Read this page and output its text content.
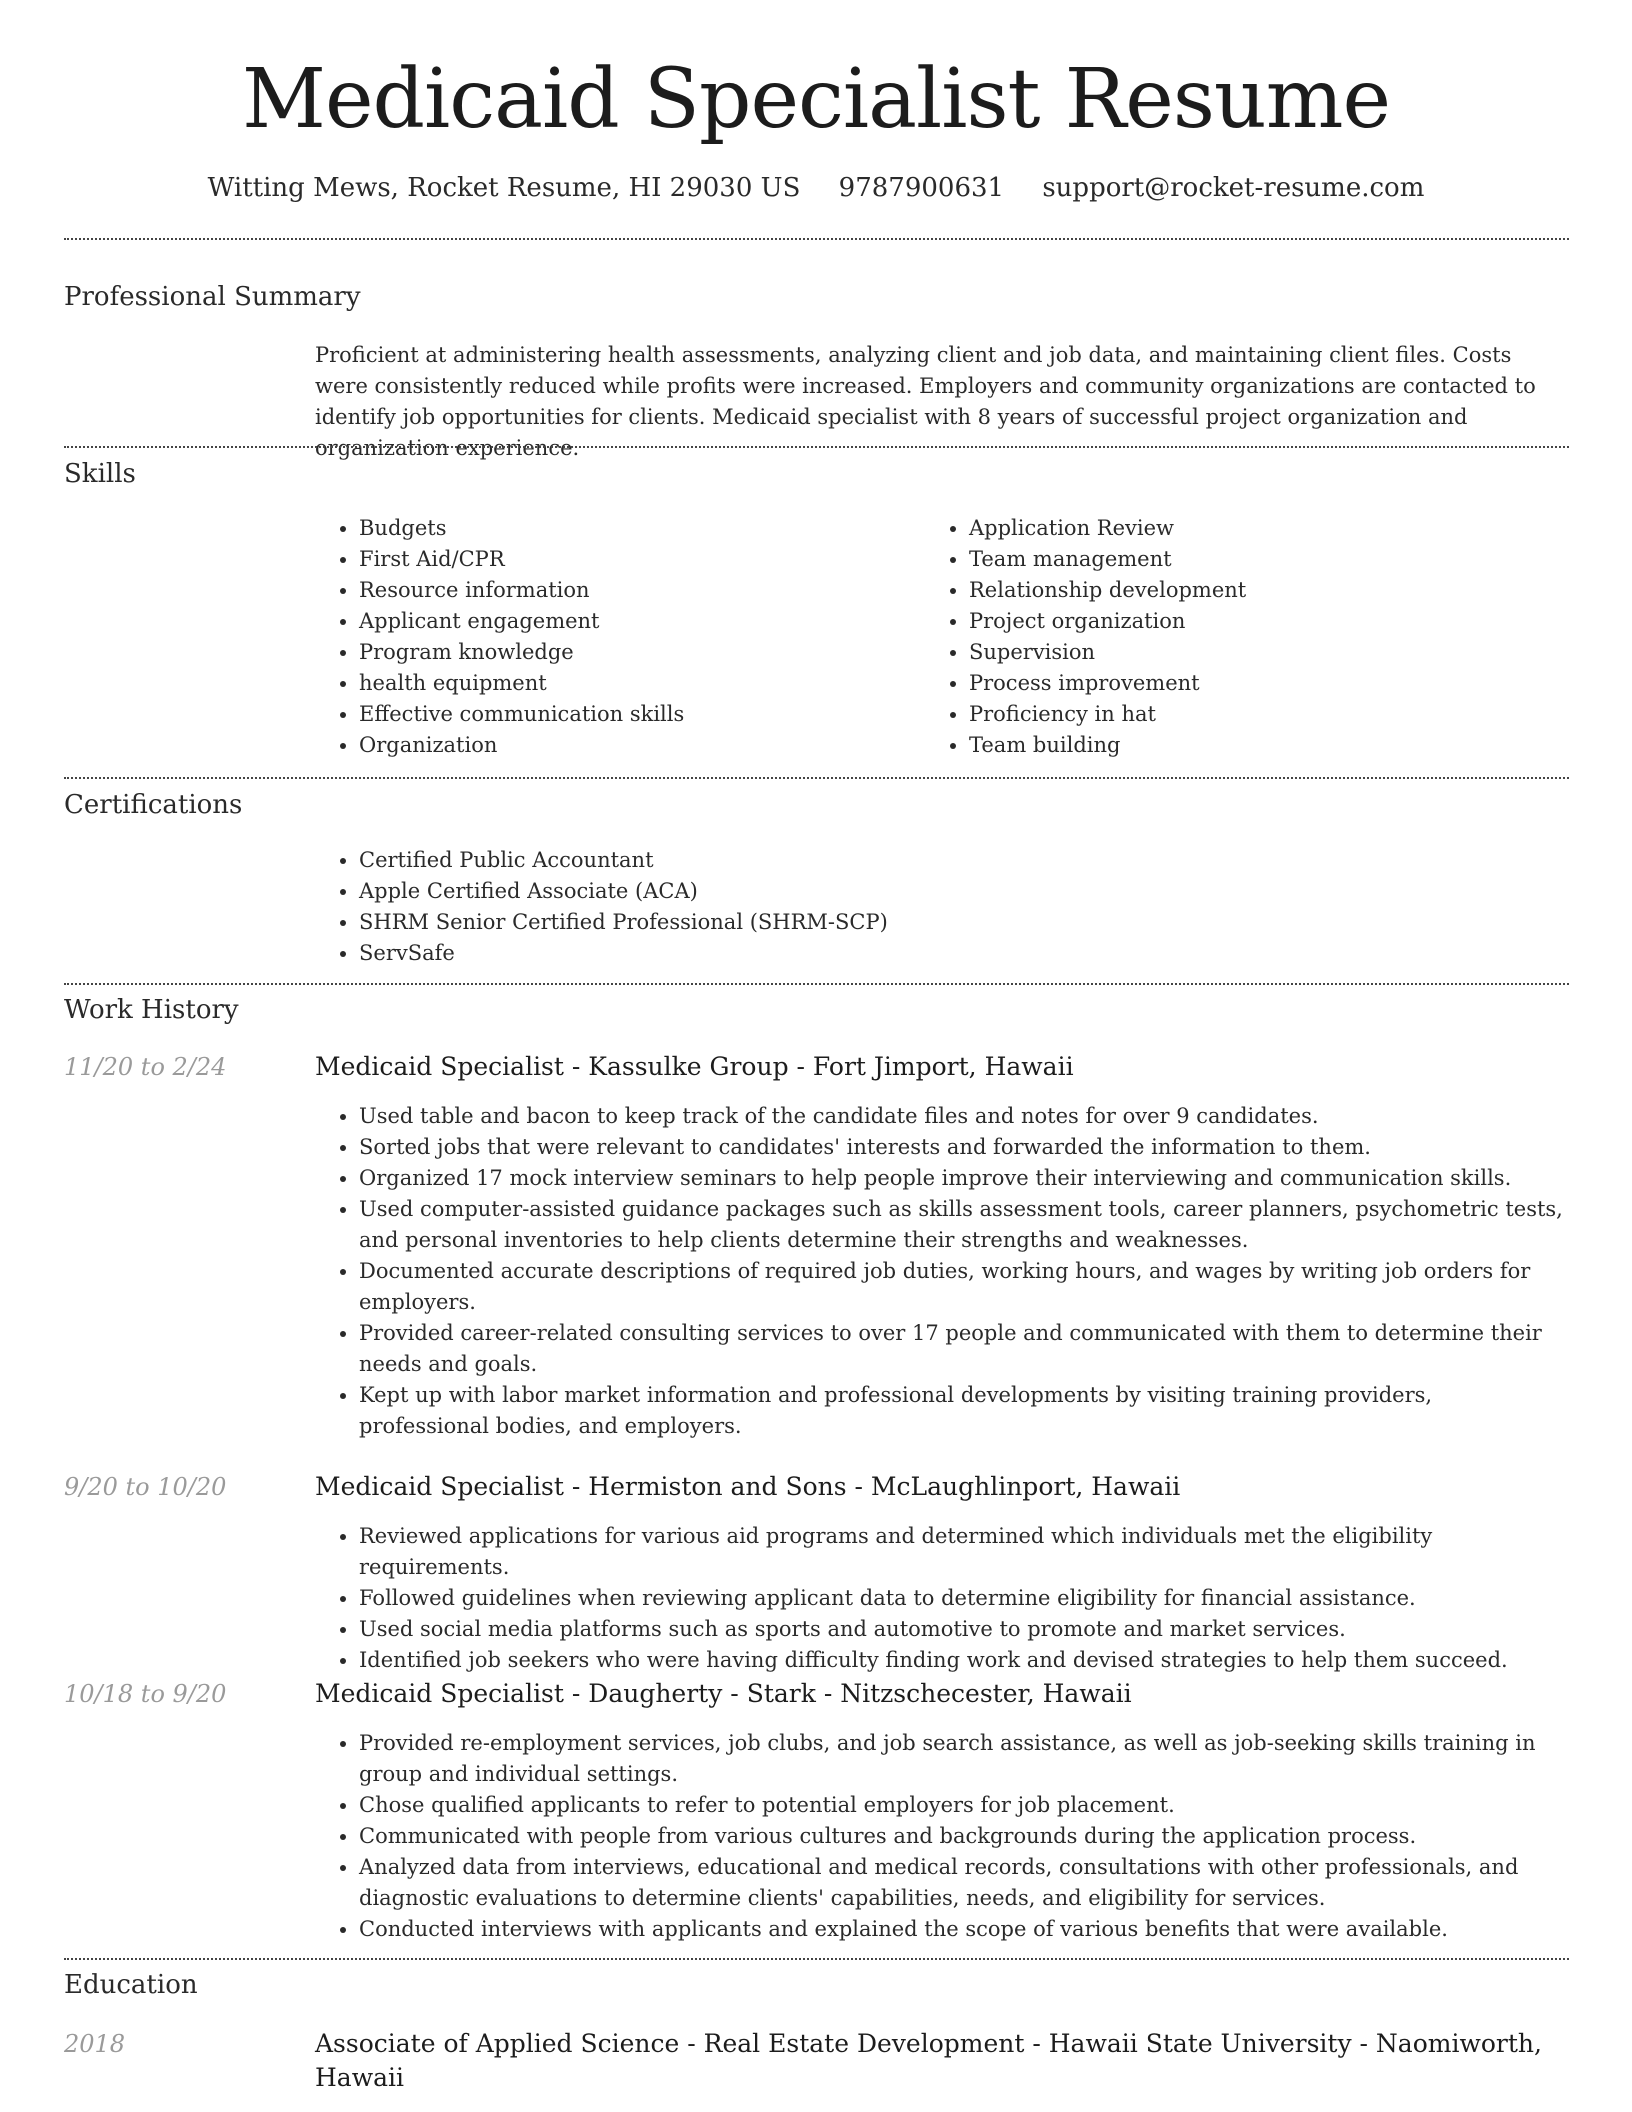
Medicaid Specialist Resume
Witting Mews, Rocket Resume, HI 29030 US 9787900631 support@rocket-resume.com
Professional Summary

Proficient at administering health assessments, analyzing client and job data, and maintaining client files. Costs were consistently reduced while profits were increased. Employers and community organizations are contacted to identify job opportunities for clients. Medicaid specialist with 8 years of successful project organization and organization experience.

Skills
• Budgets
• First Aid/CPR
• Resource information
• Applicant engagement
• Program knowledge
• health equipment
• Effective communication skills
• Organization
• Application Review
• Team management
• Relationship development
• Project organization
• Supervision
• Process improvement
• Proficiency in hat
• Team building
Certifications
• Certified Public Accountant
• Apple Certified Associate (ACA)
• SHRM Senior Certified Professional (SHRM-SCP)
• ServSafe
Work History
11/20 to 2/24	Medicaid Specialist - Kassulke Group - Fort Jimport, Hawaii
• Used table and bacon to keep track of the candidate files and notes for over 9 candidates.
• Sorted jobs that were relevant to candidates' interests and forwarded the information to them.
• Organized 17 mock interview seminars to help people improve their interviewing and communication skills.
• Used computer-assisted guidance packages such as skills assessment tools, career planners, psychometric tests, and personal inventories to help clients determine their strengths and weaknesses.
• Documented accurate descriptions of required job duties, working hours, and wages by writing job orders for employers.
• Provided career-related consulting services to over 17 people and communicated with them to determine their needs and goals.
• Kept up with labor market information and professional developments by visiting training providers, professional bodies, and employers.
9/20 to 10/20	Medicaid Specialist - Hermiston and Sons - McLaughlinport, Hawaii
• Reviewed applications for various aid programs and determined which individuals met the eligibility requirements.
• Followed guidelines when reviewing applicant data to determine eligibility for financial assistance.
• Used social media platforms such as sports and automotive to promote and market services.
• Identified job seekers who were having difficulty finding work and devised strategies to help them succeed.
10/18 to 9/20	Medicaid Specialist - Daugherty - Stark - Nitzschecester, Hawaii
• Provided re-employment services, job clubs, and job search assistance, as well as job-seeking skills training in group and individual settings.
• Chose qualified applicants to refer to potential employers for job placement.
• Communicated with people from various cultures and backgrounds during the application process.
• Analyzed data from interviews, educational and medical records, consultations with other professionals, and diagnostic evaluations to determine clients' capabilities, needs, and eligibility for services.
• Conducted interviews with applicants and explained the scope of various benefits that were available.
Education
2018	Associate of Applied Science - Real Estate Development - Hawaii State University - Naomiworth, Hawaii
